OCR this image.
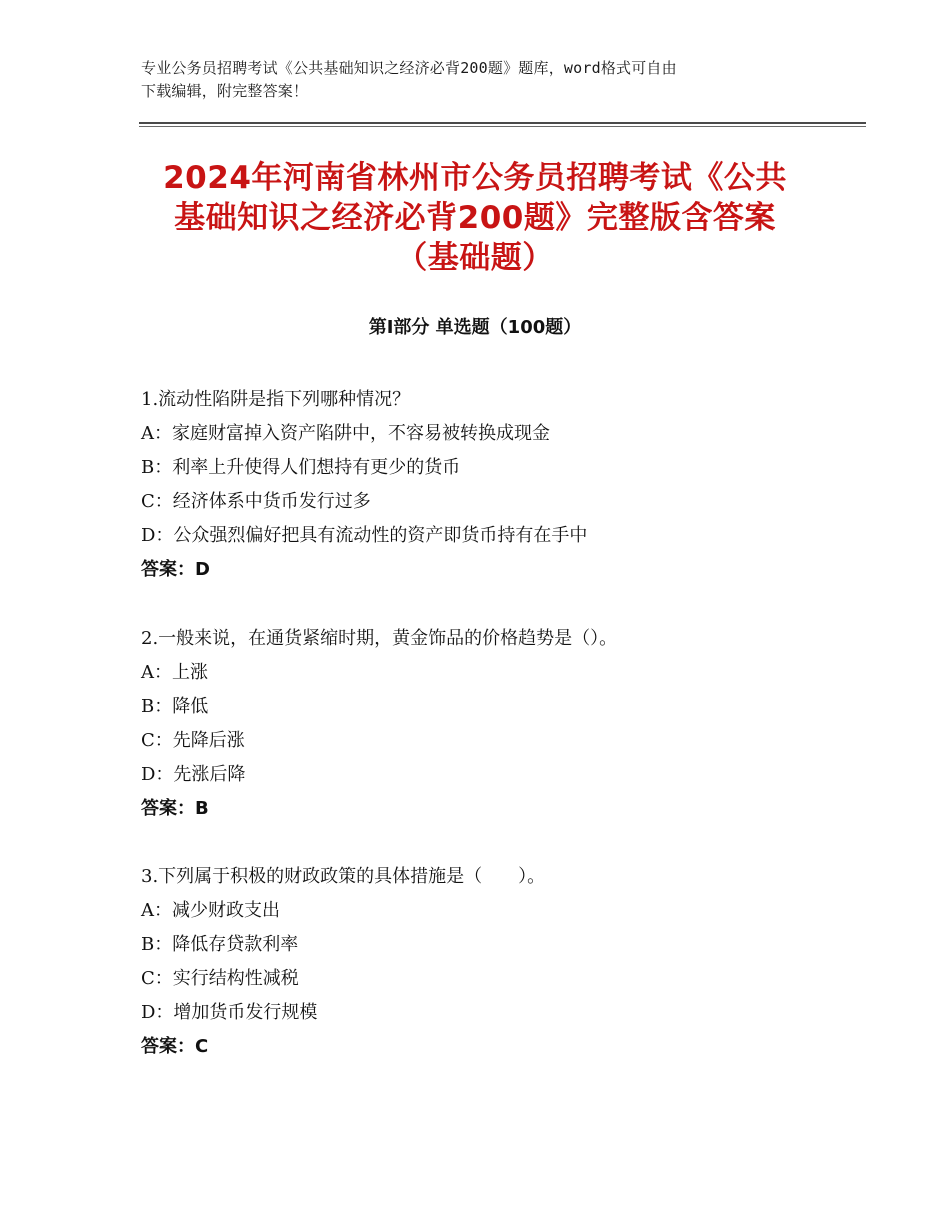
专业公务员招聘考试《公共基础知识之经济必背200题》题库，word格式可自由
下载编辑，附完整答案！
2024年河南省林州市公务员招聘考试《公共
基础知识之经济必背200题》完整版含答案
（基础题）
第Ⅰ部分 单选题（100题）
1.流动性陷阱是指下列哪种情况？
A：家庭财富掉入资产陷阱中，不容易被转换成现金
B：利率上升使得人们想持有更少的货币
C：经济体系中货币发行过多
D：公众强烈偏好把具有流动性的资产即货币持有在手中
答案：D
2.一般来说，在通货紧缩时期，黄金饰品的价格趋势是（）。
A：上涨
B：降低
C：先降后涨
D：先涨后降
答案：B
3.下列属于积极的财政政策的具体措施是（　　）。
A：减少财政支出
B：降低存贷款利率
C：实行结构性减税
D：增加货币发行规模
答案：C
